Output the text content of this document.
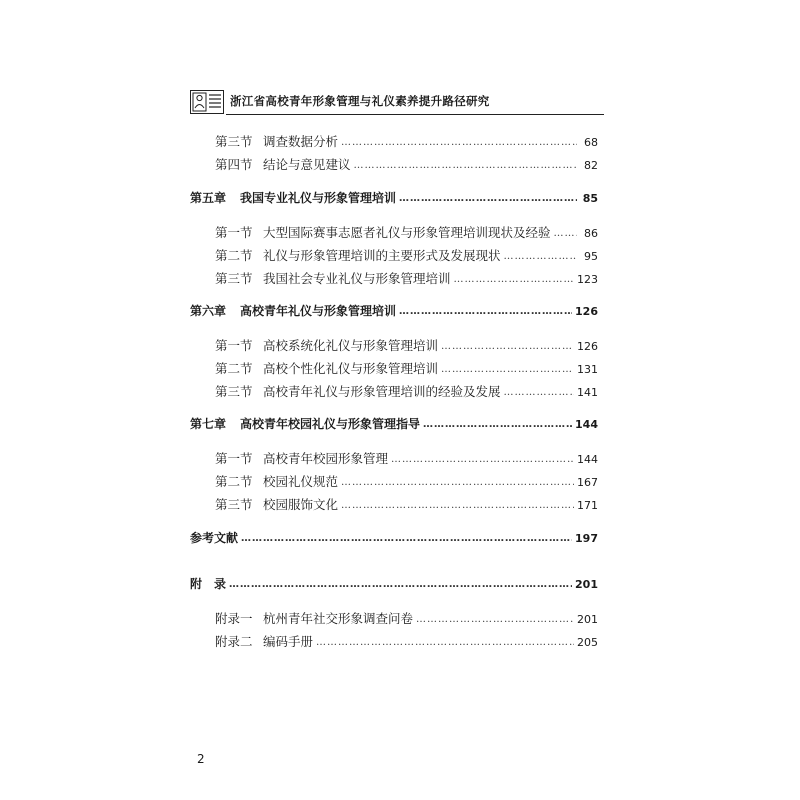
浙江省高校青年形象管理与礼仪素养提升路径研究
第三节 调查数据分析 ……………………………………………………………………………………………………………………………………………………………………	68
第四节 结论与意见建议 ……………………………………………………………………………………………………………………………………………………………………	82
第五章	我国专业礼仪与形象管理培训 ……………………………………………………………………………………………………………………………………………………………………	85
第一节 大型国际赛事志愿者礼仪与形象管理培训现状及经验 ……………………………………………………………………………………………………………………………………………………………………	86
第二节 礼仪与形象管理培训的主要形式及发展现状 ……………………………………………………………………………………………………………………………………………………………………	95
第三节 我国社会专业礼仪与形象管理培训 ……………………………………………………………………………………………………………………………………………………………………	123
第六章	高校青年礼仪与形象管理培训 ……………………………………………………………………………………………………………………………………………………………………	126
第一节 高校系统化礼仪与形象管理培训 ……………………………………………………………………………………………………………………………………………………………………	126
第二节 高校个性化礼仪与形象管理培训 ……………………………………………………………………………………………………………………………………………………………………	131
第三节 高校青年礼仪与形象管理培训的经验及发展 ……………………………………………………………………………………………………………………………………………………………………	141
第七章	高校青年校园礼仪与形象管理指导 ……………………………………………………………………………………………………………………………………………………………………	144
第一节 高校青年校园形象管理 ……………………………………………………………………………………………………………………………………………………………………	144
第二节 校园礼仪规范 ……………………………………………………………………………………………………………………………………………………………………	167
第三节 校园服饰文化 ……………………………………………………………………………………………………………………………………………………………………	171
参考文献 ……………………………………………………………………………………………………………………………………………………………………	197
附　录 ……………………………………………………………………………………………………………………………………………………………………	201
附录一 杭州青年社交形象调查问卷 ……………………………………………………………………………………………………………………………………………………………………	201
附录二 编码手册 ……………………………………………………………………………………………………………………………………………………………………	205
2
